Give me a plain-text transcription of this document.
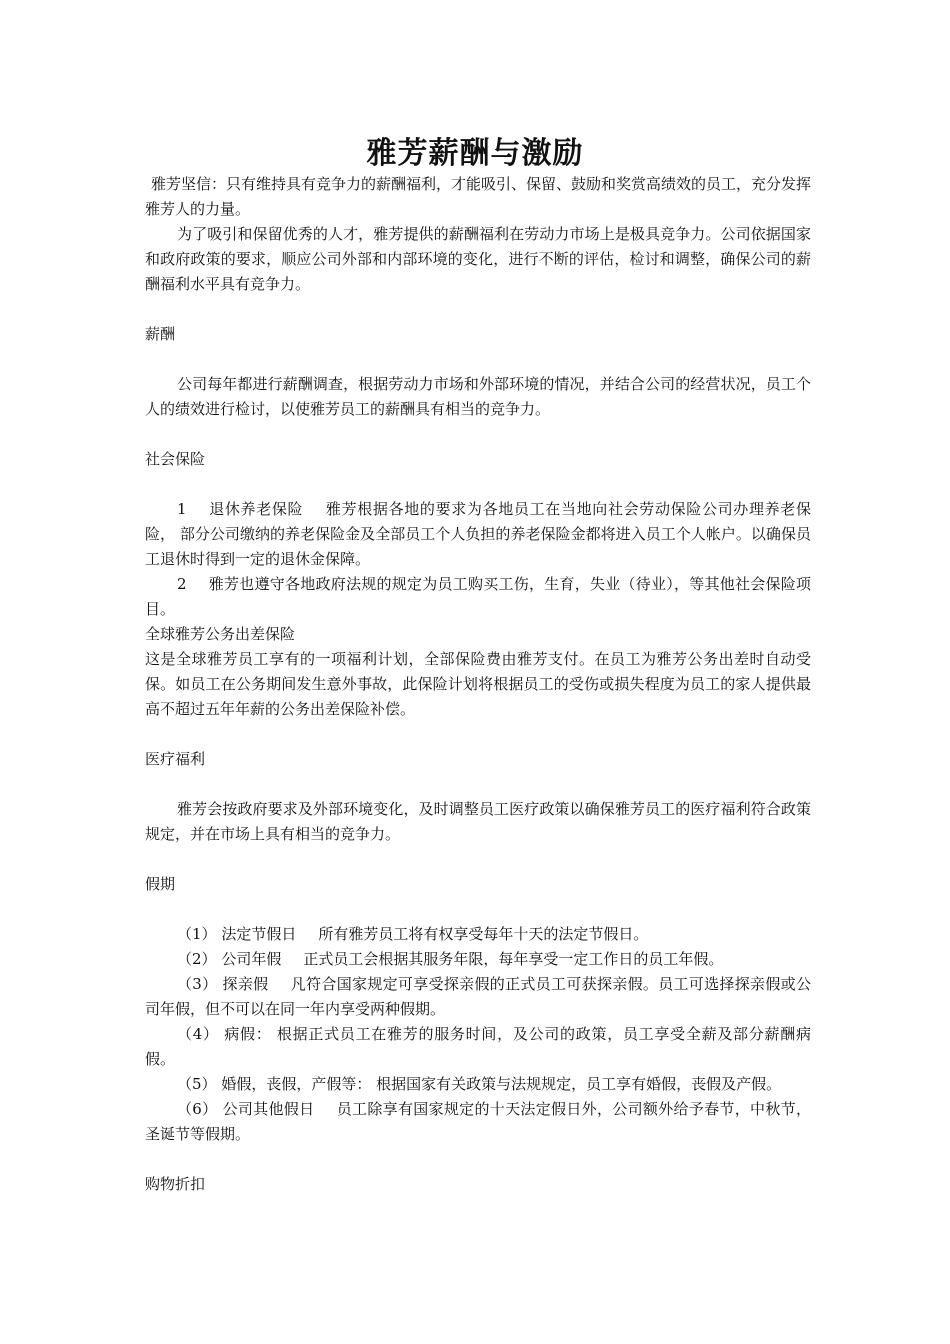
雅芳薪酬与激励

雅芳坚信：只有维持具有竞争力的薪酬福利，才能吸引、保留、鼓励和奖赏高绩效的员工，充分发挥雅芳人的力量。

为了吸引和保留优秀的人才，雅芳提供的薪酬福利在劳动力市场上是极具竞争力。公司依据国家和政府政策的要求，顺应公司外部和内部环境的变化，进行不断的评估，检讨和调整，确保公司的薪酬福利水平具有竞争力。

薪酬

公司每年都进行薪酬调查，根据劳动力市场和外部环境的情况，并结合公司的经营状况，员工个人的绩效进行检讨，以使雅芳员工的薪酬具有相当的竞争力。

社会保险

1 退休养老保险 雅芳根据各地的要求为各地员工在当地向社会劳动保险公司办理养老保险， 部分公司缴纳的养老保险金及全部员工个人负担的养老保险金都将进入员工个人帐户。以确保员工退休时得到一定的退休金保障。

2 雅芳也遵守各地政府法规的规定为员工购买工伤，生育，失业（待业），等其他社会保险项目。

全球雅芳公务出差保险

这是全球雅芳员工享有的一项福利计划，全部保险费由雅芳支付。在员工为雅芳公务出差时自动受保。如员工在公务期间发生意外事故，此保险计划将根据员工的受伤或损失程度为员工的家人提供最高不超过五年年薪的公务出差保险补偿。

医疗福利

雅芳会按政府要求及外部环境变化，及时调整员工医疗政策以确保雅芳员工的医疗福利符合政策规定，并在市场上具有相当的竞争力。

假期

（1） 法定节假日 所有雅芳员工将有权享受每年十天的法定节假日。

（2） 公司年假 正式员工会根据其服务年限，每年享受一定工作日的员工年假。

（3） 探亲假 凡符合国家规定可享受探亲假的正式员工可获探亲假。员工可选择探亲假或公司年假，但不可以在同一年内享受两种假期。

（4） 病假： 根据正式员工在雅芳的服务时间，及公司的政策，员工享受全薪及部分薪酬病假。

（5） 婚假，丧假，产假等： 根据国家有关政策与法规规定，员工享有婚假，丧假及产假。

（6） 公司其他假日 员工除享有国家规定的十天法定假日外，公司额外给予春节，中秋节，圣诞节等假期。

购物折扣
